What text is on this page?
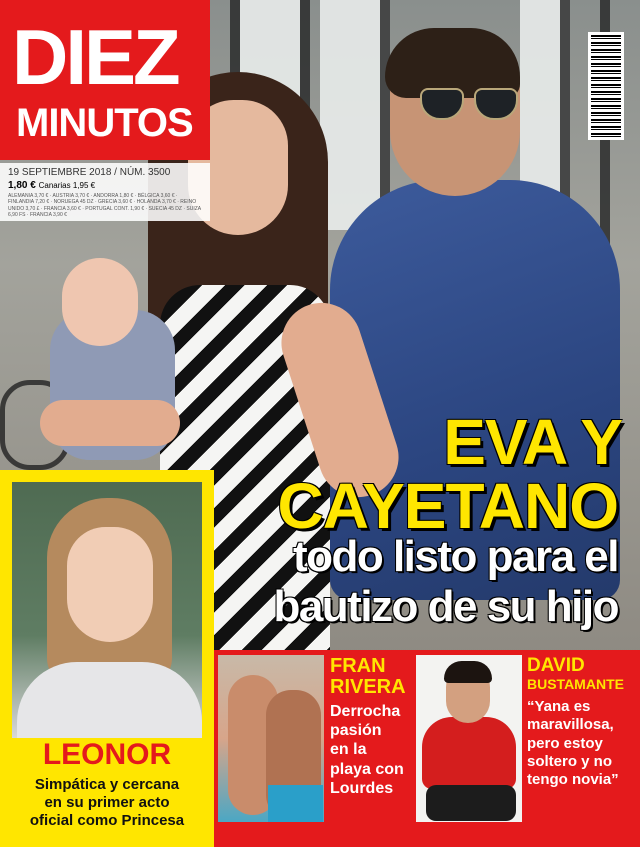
DIEZ
MINUTOS
19 SEPTIEMBRE 2018 / NÚM. 3500
1,80 € Canarias 1,95 €
ALEMANIA 3,70 € · AUSTRIA 3,70 € · ANDORRA 1,80 € · BÉLGICA 3,60 € · FINLANDIA 7,20 € · NORUEGA 45 DZ · GRECIA 3,60 € · HOLANDA 3,70 € · REINO UNIDO 3,70 £ · FRANCIA 3,60 € · PORTUGAL CONT. 1,90 € · SUECIA 45 DZ · SUIZA 6,90 FS · FRANCIA 3,90 €
EVA Y
CAYETANO
todo listo para el
bautizo de su hijo
LEONOR
Simpática y cercana
en su primer acto
oficial como Princesa
FRAN
RIVERA
Derrocha
pasión
en la
playa con
Lourdes
DAVID
BUSTAMANTE
“Yana es
maravillosa,
pero estoy
soltero y no
tengo novia”
